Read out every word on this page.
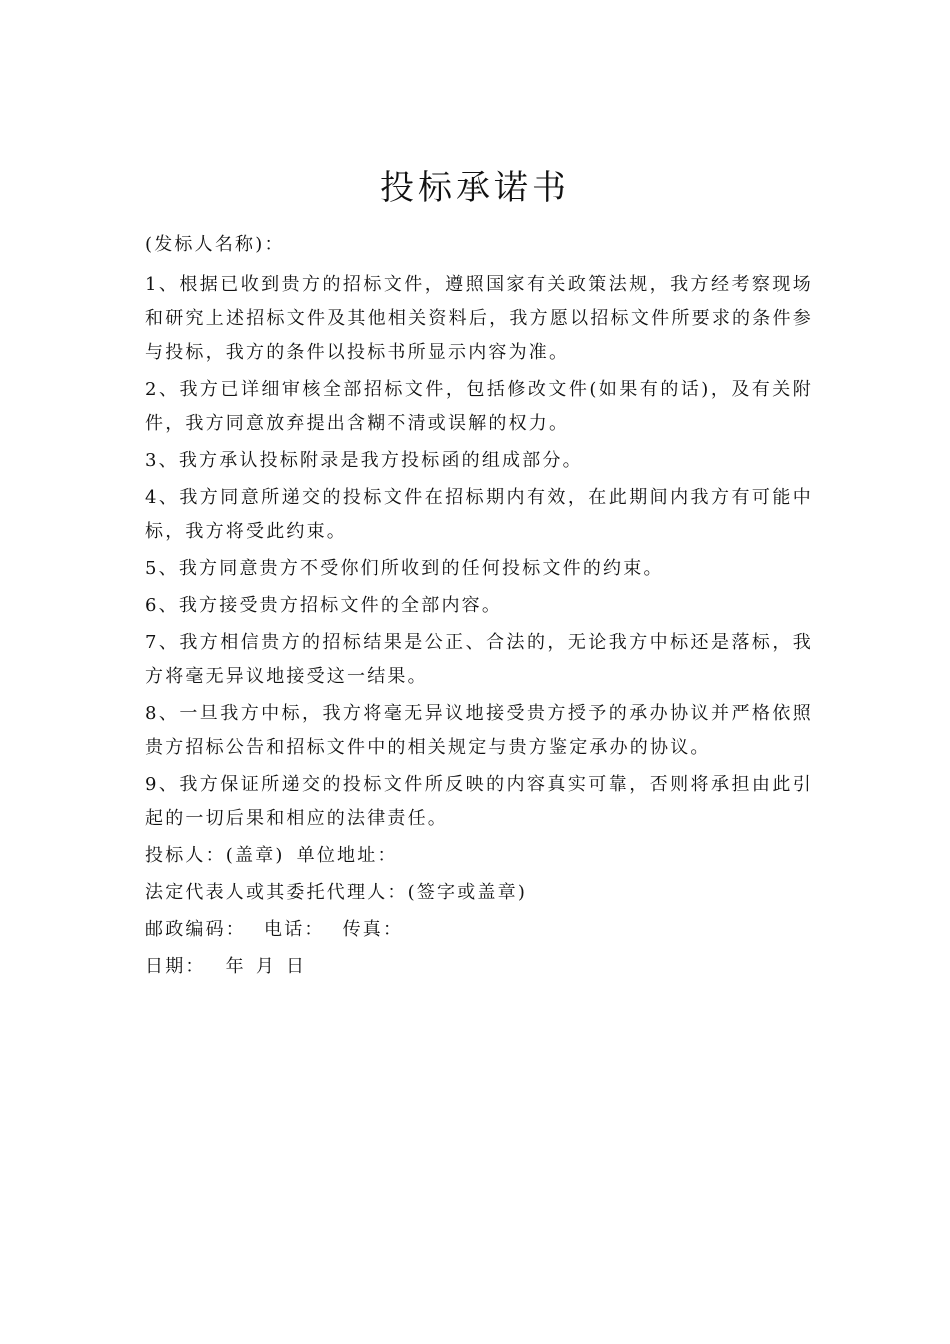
投标承诺书

(发标人名称)：

1、根据已收到贵方的招标文件，遵照国家有关政策法规，我方经考察现场和研究上述招标文件及其他相关资料后，我方愿以招标文件所要求的条件参与投标，我方的条件以投标书所显示内容为准。

2、我方已详细审核全部招标文件，包括修改文件(如果有的话)，及有关附件，我方同意放弃提出含糊不清或误解的权力。

3、我方承认投标附录是我方投标函的组成部分。

4、我方同意所递交的投标文件在招标期内有效，在此期间内我方有可能中标，我方将受此约束。

5、我方同意贵方不受你们所收到的任何投标文件的约束。

6、我方接受贵方招标文件的全部内容。

7、我方相信贵方的招标结果是公正、合法的，无论我方中标还是落标，我方将毫无异议地接受这一结果。

8、一旦我方中标，我方将毫无异议地接受贵方授予的承办协议并严格依照贵方招标公告和招标文件中的相关规定与贵方鉴定承办的协议。

9、我方保证所递交的投标文件所反映的内容真实可靠，否则将承担由此引起的一切后果和相应的法律责任。

投标人：(盖章) 单位地址：
法定代表人或其委托代理人：(签字或盖章)
邮政编码： 电话： 传真：
日期： 年 月 日
